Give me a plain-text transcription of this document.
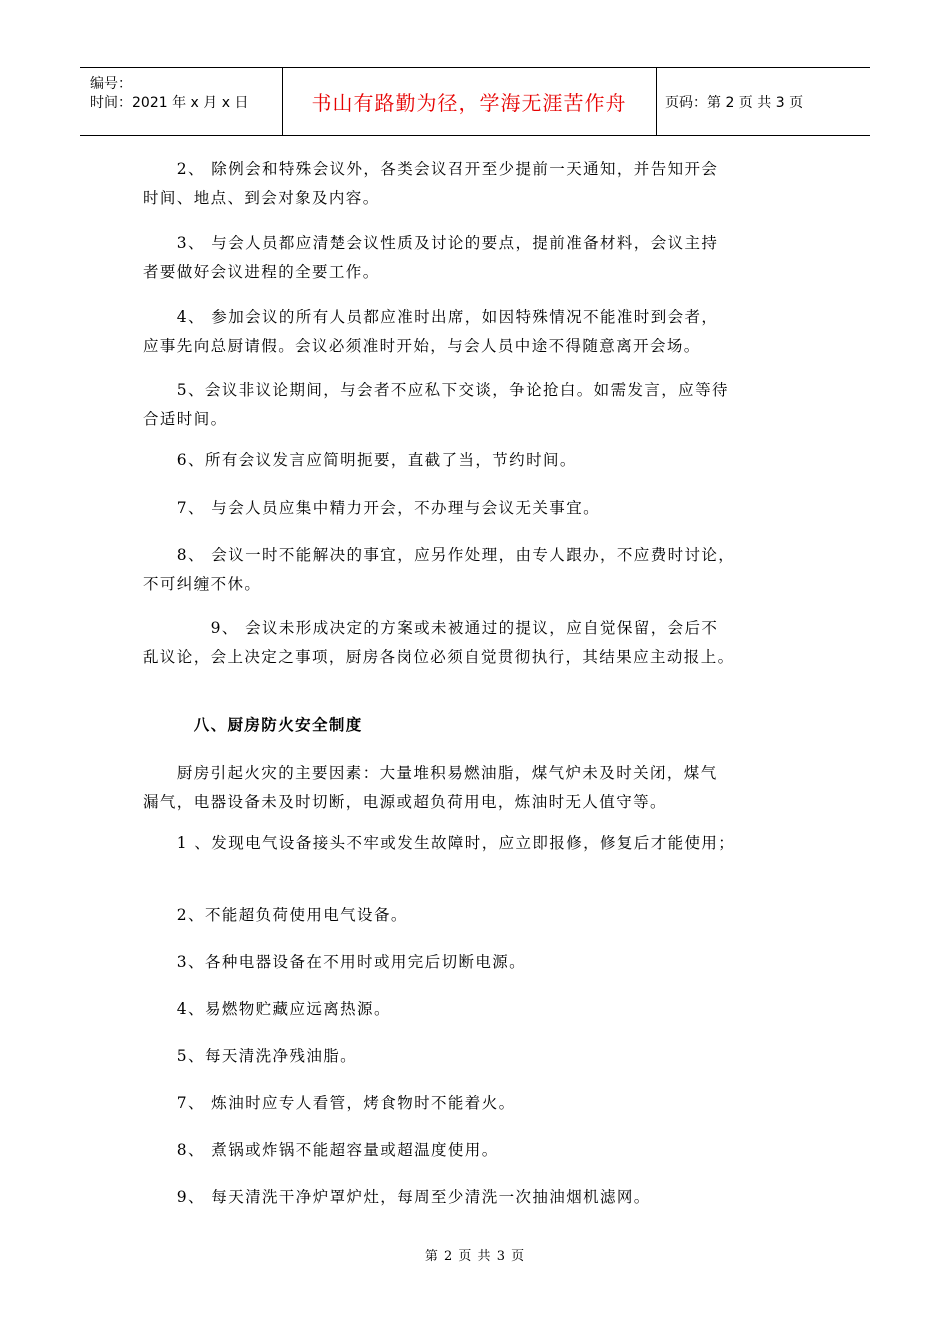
编号：
时间：2021 年 x 月 x 日	书山有路勤为径，学海无涯苦作舟	页码：第 2 页 共 3 页
　　2、 除例会和特殊会议外，各类会议召开至少提前一天通知，并告知开会
时间、地点、到会对象及内容。
　　3、 与会人员都应清楚会议性质及讨论的要点，提前准备材料，会议主持
者要做好会议进程的全要工作。
　　4、 参加会议的所有人员都应准时出席，如因特殊情况不能准时到会者，
应事先向总厨请假。会议必须准时开始，与会人员中途不得随意离开会场。
　　5、会议非议论期间，与会者不应私下交谈，争论抢白。如需发言，应等待
合适时间。
　　6、所有会议发言应简明扼要，直截了当，节约时间。
　　7、 与会人员应集中精力开会，不办理与会议无关事宜。
　　8、 会议一时不能解决的事宜，应另作处理，由专人跟办，不应费时讨论，
不可纠缠不休。
　　　　9、 会议未形成决定的方案或未被通过的提议，应自觉保留，会后不
乱议论，会上决定之事项，厨房各岗位必须自觉贯彻执行，其结果应主动报上。
　　　八、厨房防火安全制度
　　厨房引起火灾的主要因素：大量堆积易燃油脂，煤气炉未及时关闭，煤气
漏气，电器设备未及时切断，电源或超负荷用电，炼油时无人值守等。
　　1 、发现电气设备接头不牢或发生故障时，应立即报修，修复后才能使用；
　　2、不能超负荷使用电气设备。
　　3、各种电器设备在不用时或用完后切断电源。
　　4、易燃物贮藏应远离热源。
　　5、每天清洗净残油脂。
　　7、 炼油时应专人看管，烤食物时不能着火。
　　8、 煮锅或炸锅不能超容量或超温度使用。
　　9、 每天清洗干净炉罩炉灶，每周至少清洗一次抽油烟机滤网。
第 2 页 共 3 页
